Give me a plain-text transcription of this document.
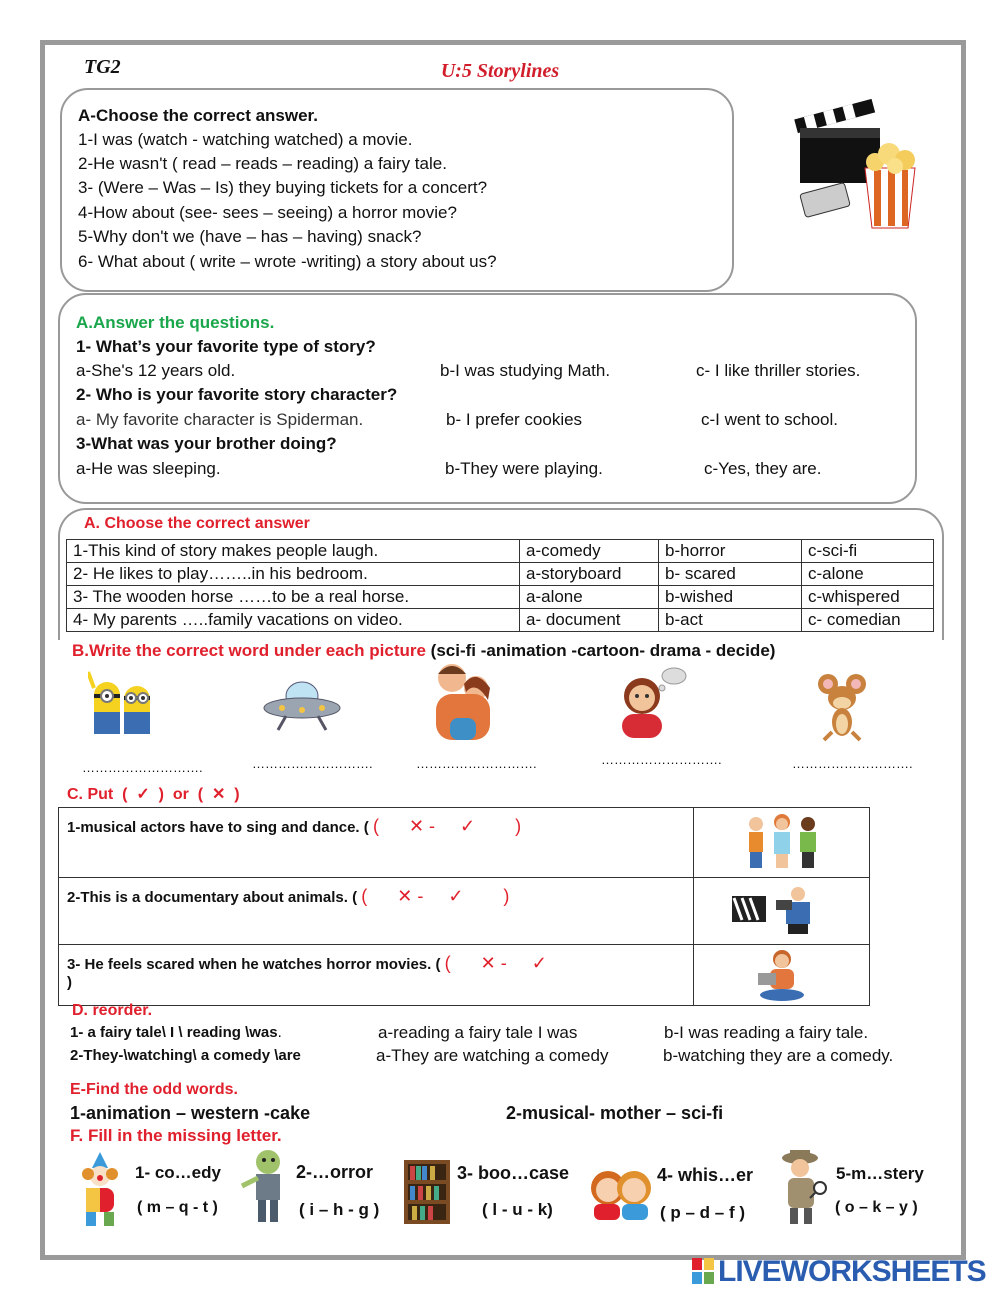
TG2	U:5 Storylines
A-Choose the correct answer.
1-I was (watch - watching watched) a movie.
2-He wasn't ( read – reads – reading) a fairy tale.
3- (Were – Was – Is) they buying tickets for a concert?
4-How about (see- sees – seeing) a horror movie?
5-Why don't we (have – has – having) snack?
6- What about ( write – wrote -writing) a story about us?
A.Answer the questions.
1- What’s your favorite type of story?
a-She's 12 years old.	b-I was studying Math.	c- I like thriller stories.
2- Who is your favorite story character?
a- My favorite character is Spiderman.	b- I prefer cookies	c-I went to school.
3-What was your brother doing?
a-He was sleeping.	b-They were playing.	c-Yes, they are.
A. Choose the correct answer
1-This kind of story makes people laugh.	a-comedy	b-horror	c-sci-fi
2- He likes to play……..in his bedroom.	a-storyboard	b- scared	c-alone
3- The wooden horse ……to be a real horse.	a-alone	b-wished	c-whispered
4- My parents …..family vacations on video.	a- document	b-act	c- comedian
B.Write the correct word under each picture (sci-fi -animation -cartoon- drama - decide)
……………………….	……………………….	……………………….	……………………….	……………………….
C. Put  (  ✓  )  or  (  ✕  )
1-musical actors have to sing and dance. ( (      ✕ -     ✓        )	

2-This is a documentary about animals. ( (      ✕ -     ✓        )	

3- He feels scared when he watches horror movies. ( (      ✕ -     ✓
)	
D. reorder.
1- a fairy tale\ I \ reading \was.	a-reading a fairy tale I was	b-I was reading a fairy tale.
2-They-\watching\ a comedy \are	a-They are watching a comedy	b-watching they are a comedy.
E-Find the odd words.
1-animation – western -cake	2-musical- mother – sci-fi
F. Fill in the missing letter.
1- co…edy
( m – q - t )
2-…orror
( i – h - g )
3- boo…case
( l - u - k)
4- whis…er
( p – d – f )
5-m…stery
( o – k – y )
LIVEWORKSHEETS
